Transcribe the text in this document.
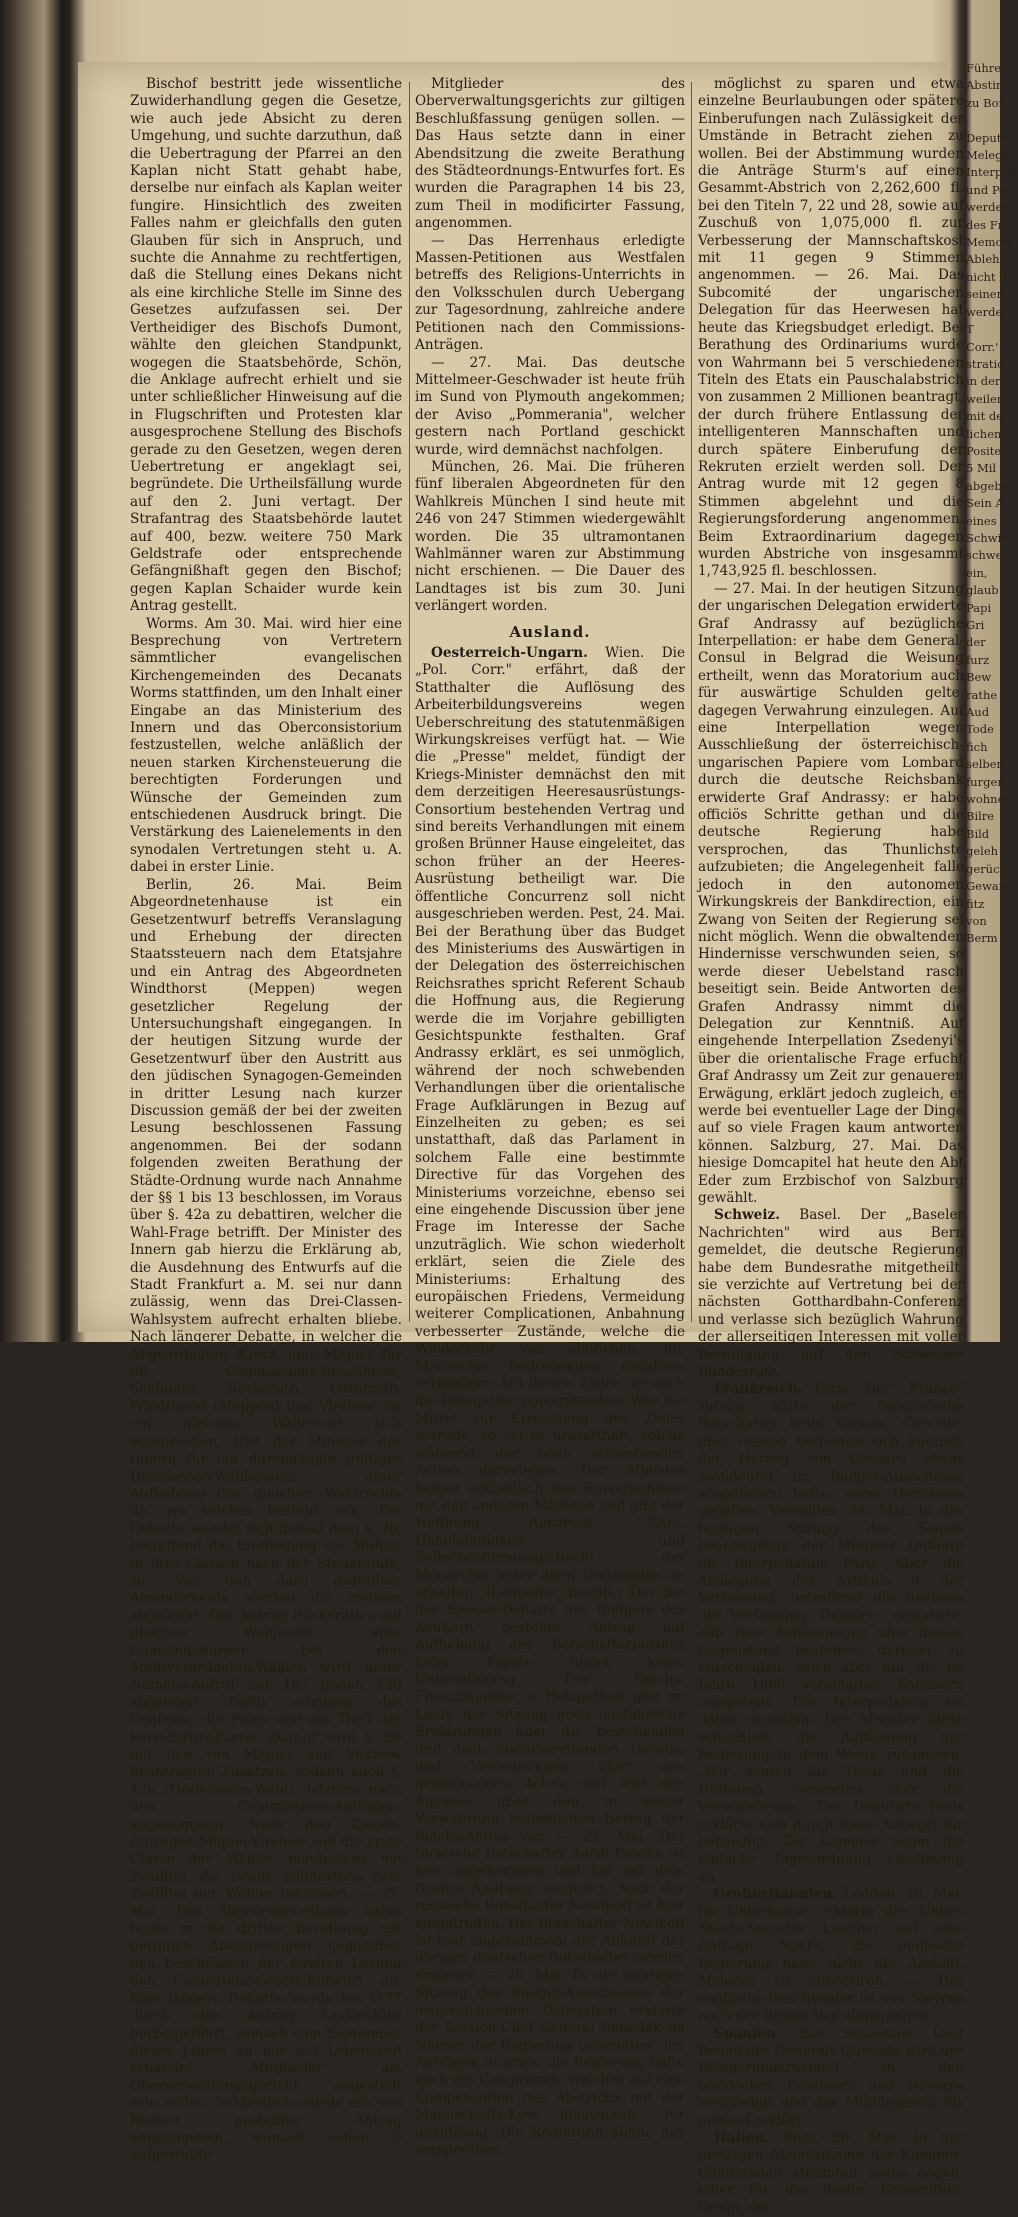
Bischof bestritt jede wissentliche Zuwiderhandlung gegen die Gesetze, wie auch jede Absicht zu deren Umgehung, und suchte darzuthun, daß die Uebertragung der Pfarrei an den Kaplan nicht Statt gehabt habe, derselbe nur einfach als Kaplan weiter fungire. Hinsichtlich des zweiten Falles nahm er gleichfalls den guten Glauben für sich in Anspruch, und suchte die Annahme zu rechtfertigen, daß die Stellung eines Dekans nicht als eine kirchliche Stelle im Sinne des Gesetzes aufzufassen sei. Der Vertheidiger des Bischofs Dumont, wählte den gleichen Standpunkt, wogegen die Staatsbehörde, Schön, die Anklage aufrecht erhielt und sie unter schließlicher Hinweisung auf die in Flugschriften und Protesten klar ausgesprochene Stellung des Bischofs gerade zu den Gesetzen, wegen deren Uebertretung er angeklagt sei, begründete. Die Urtheilsfällung wurde auf den 2. Juni vertagt. Der Strafantrag des Staatsbehörde lautet auf 400, bezw. weitere 750 Mark Geldstrafe oder entsprechende Gefängnißhaft gegen den Bischof; gegen Kaplan Schaider wurde kein Antrag gestellt.

Worms. Am 30. Mai. wird hier eine Besprechung von Vertretern sämmtlicher evangelischen Kirchengemeinden des Decanats Worms stattfinden, um den Inhalt einer Eingabe an das Ministerium des Innern und das Oberconsistorium festzustellen, welche anläßlich der neuen starken Kirchensteuerung die berechtigten Forderungen und Wünsche der Gemeinden zum entschiedenen Ausdruck bringt. Die Verstärkung des Laienelements in den synodalen Vertretungen steht u. A. dabei in erster Linie.

Berlin, 26. Mai. Beim Abgeordnetenhause ist ein Gesetzentwurf betreffs Veranslagung und Erhebung der directen Staatssteuern nach dem Etatsjahre und ein Antrag des Abgeordneten Windthorst (Meppen) wegen gesetzlicher Regelung der Untersuchungshaft eingegangen. In der heutigen Sitzung wurde der Gesetzentwurf über den Austritt aus den jüdischen Synagogen-Gemeinden in dritter Lesung nach kurzer Discussion gemäß der bei der zweiten Lesung beschlossenen Fassung angenommen. Bei der sodann folgenden zweiten Berathung der Städte-Ordnung wurde nach Annahme der §§ 1 bis 13 beschlossen, im Voraus über §. 42a zu debattiren, welcher die Wahl-Frage betrifft. Der Minister des Innern gab hierzu die Erklärung ab, die Ausdehnung des Entwurfs auf die Stadt Frankfurt a. M. sei nur dann zulässig, wenn das Drei-Classen-Wahlsystem aufrecht erhalten bliebe. Nach längerer Debatte, in welcher die Abgeordneten Kreck und Miquel für die Commissions-Beschlüsse, Schlueter, Röckerath, Osterrath, Windthorst (Meppen) und Virchow für ein gleiches Wahlrecht sich aussprechen, tritt der Minister des Innern für ein durchgängig gültiges Dreiclassen-Wahlsystem, unter Aufhebung des gleichen Wahlrechts da, wo solches besteht, ein. Die Debatte wendet sich darauf dem §. 26, betreffend die Eintheilung der Wähler in drei Classen nach der Steuerstufe, zu. Von den dazu gestellten Amendements werden die meisten abgelehnt. Der Antrag Röckerath's auf gleiches Wahlrecht aller Gemeindebürger bei den Stadtverordneten-Wahlen wird unter Namens-Aufruf mit 187 gegen 120 abgelehnt. Dafür stimmen das Centrum, die Polen und ein Theil der Fortschritts-Partei. Darauf wird §. 26 mit den von Miquel und Virchow beantragten Zusätzen, sodann auch §. 42a (Dreiclassen-Wahl), letztere nach den Commissions-Anträgen, angenommen. Nach den Zusatz-Anträgen Miquel-Virchow soll die erste Classe der Wähler mindestens ein Zwölftel, die zweite mindestens zwei Zwölftel der Wähler umfassen. — 27. Mai. Das Abgeordnetenhaus nahm heute in der dritten Berathung mit geringen Abänderungen gegenüber den Beschlüssen der zweiten Lesung den Competenz-Gesetz-Entwurf an. Eine längere Debatte wurde bei §177 durch den Antrag Lasker-Kloz herbeigeführt, wonach vom September dieses Jahres an nur auf Lebenszeit ernannte Mitglieder am Oberverwaltungsgericht angestellt sein sollen. Schließlich wurde ein von Rickert gestellter Antrag angenommen, wonach schon 5 aufgestellte

Mitglieder des Oberverwaltungsgerichts zur giltigen Beschlußfassung genügen sollen. — Das Haus setzte dann in einer Abendsitzung die zweite Berathung des Städteordnungs-Entwurfes fort. Es wurden die Paragraphen 14 bis 23, zum Theil in modificirter Fassung, angenommen.

— Das Herrenhaus erledigte Massen-Petitionen aus Westfalen betreffs des Religions-Unterrichts in den Volksschulen durch Uebergang zur Tagesordnung, zahlreiche andere Petitionen nach den Commissions-Anträgen.

— 27. Mai. Das deutsche Mittelmeer-Geschwader ist heute früh im Sund von Plymouth angekommen; der Aviso „Pommerania", welcher gestern nach Portland geschickt wurde, wird demnächst nachfolgen.

München, 26. Mai. Die früheren fünf liberalen Abgeordneten für den Wahlkreis München I sind heute mit 246 von 247 Stimmen wiedergewählt worden. Die 35 ultramontanen Wahlmänner waren zur Abstimmung nicht erschienen. — Die Dauer des Landtages ist bis zum 30. Juni verlängert worden.

Ausland.

Oesterreich-Ungarn. Wien. Die „Pol. Corr." erfährt, daß der Statthalter die Auflösung des Arbeiterbildungsvereins wegen Ueberschreitung des statutenmäßigen Wirkungskreises verfügt hat. — Wie die „Presse" meldet, fündigt der Kriegs-Minister demnächst den mit dem derzeitigen Heeresausrüstungs-Consortium bestehenden Vertrag und sind bereits Verhandlungen mit einem großen Brünner Hause eingeleitet, das schon früher an der Heeres-Ausrüstung betheiligt war. Die öffentliche Concurrenz soll nicht ausgeschrieben werden. Pest, 24. Mai. Bei der Berathung über das Budget des Ministeriums des Auswärtigen in der Delegation des österreichischen Reichsrathes spricht Referent Schaub die Hoffnung aus, die Regierung werde die im Vorjahre gebilligten Gesichtspunkte festhalten. Graf Andrassy erklärt, es sei unmöglich, während der noch schwebenden Verhandlungen über die orientalische Frage Aufklärungen in Bezug auf Einzelheiten zu geben; es sei unstatthaft, daß das Parlament in solchem Falle eine bestimmte Directive für das Vorgehen des Ministeriums vorzeichne, ebenso sei eine eingehende Discussion über jene Frage im Interesse der Sache unzuträglich. Wie schon wiederholt erklärt, seien die Ziele des Ministeriums: Erhaltung des europäischen Friedens, Vermeidung weiterer Complicationen, Anbahnung verbesserter Zustände, welche die Wiederkehr von ähnlichen, die Monarchie bedrohenden Gefahren verhindern. Mit diesen Zielen sei auch die Delegation einverstanden. Was die Mittel zur Erreichung des Zieles betreffe, so sei es unstatthaft, solche während der noch schwebenden Action darzulegen. Der Minister betont schließlich das Einvernehmen mit den anderen Mächten und gibt der Hoffnung Ausdruck, Ehre, Unabhängigkeit und Selbstbestimmungs-Recht der Monarchie unter allen Umständen zu erhalten. (Lebhafter Beifall.) Der bei der Special-Debatte des Budgets des Aeußern gestellte Antrag auf Aufhebung des Botschafterpostens beim Papste findet keine Unterstützung. Der Reichs-Finanzminister v. Holzgethan gibt im Laufe der Sitzung noch ausführliche Erklärungen über die bestehenden und noch vorzubereitenden Gesetze und Verordnungen über den gemeinsamen Activa und legt den Ausweis über den in seiner Verwahrung befindlichen Betrag der Reichs-Activa vor. — 24. Mai. Der türkische Botschafter Aarifi Pascha ist hier angekommen und hat mit dem Grafen Andrassy conferirt. Auch der russische Botschafter Nowikoff ist hier eingetroffen. Der Botschafter Nowikoff ist hier angekommen; der Ankunft der übrigen deutschen Botschafter werden erwartet. — 26. Mai. In der heutigen Sitzung des Budget-Ausschusses der österreichischen Delegation erklärte der Section-Chef General Benedek im Namen der Regierung gegenüber den Anträgen Sturm's: die Regierung halte auch ein Compromiß, welches auf eine Compensation des Abstrichs mit der Mannschafts-Kost hinauslaufe, für unzulässig. Die Regierung könne nur versprechen,

möglichst zu sparen und etwa einzelne Beurlaubungen oder spätere Einberufungen nach Zulässigkeit der Umstände in Betracht ziehen zu wollen. Bei der Abstimmung wurden die Anträge Sturm's auf einen Gesammt-Abstrich von 2,262,600 fl. bei den Titeln 7, 22 und 28, sowie auf Zuschuß von 1,075,000 fl. zur Verbesserung der Mannschaftskost mit 11 gegen 9 Stimmen angenommen. — 26. Mai. Das Subcomité der ungarischen Delegation für das Heerwesen hat heute das Kriegsbudget erledigt. Bei Berathung des Ordinariums wurde von Wahrmann bei 5 verschiedenen Titeln des Etats ein Pauschalabstrich von zusammen 2 Millionen beantragt, der durch frühere Entlassung der intelligenteren Mannschaften und durch spätere Einberufung der Rekruten erzielt werden soll. Der Antrag wurde mit 12 gegen 8 Stimmen abgelehnt und die Regierungsforderung angenommen. Beim Extraordinarium dagegen wurden Abstriche von insgesammt 1,743,925 fl. beschlossen.

— 27. Mai. In der heutigen Sitzung der ungarischen Delegation erwiderte Graf Andrassy auf bezügliche Interpellation: er habe dem General-Consul in Belgrad die Weisung ertheilt, wenn das Moratorium auch für auswärtige Schulden gelte, dagegen Verwahrung einzulegen. Auf eine Interpellation wegen Ausschließung der österreichisch-ungarischen Papiere vom Lombard durch die deutsche Reichsbank erwiderte Graf Andrassy: er habe officiös Schritte gethan und die deutsche Regierung habe versprochen, das Thunlichste aufzubieten; die Angelegenheit falle jedoch in den autonomen Wirkungskreis der Bankdirection, ein Zwang von Seiten der Regierung sei nicht möglich. Wenn die obwaltenden Hindernisse verschwunden seien, so werde dieser Uebelstand rasch beseitigt sein. Beide Antworten des Grafen Andrassy nimmt die Delegation zur Kenntniß. Auf eingehende Interpellation Zsedenyi's über die orientalische Frage erfucht Graf Andrassy um Zeit zur genaueren Erwägung, erklärt jedoch zugleich, er werde bei eventueller Lage der Dinge auf so viele Fragen kaum antworten können. Salzburg, 27. Mai. Das hiesige Domcapitel hat heute den Abt Eder zum Erzbischof von Salzburg gewählt.

Schweiz. Basel. Der „Baseler Nachrichten" wird aus Bern gemeldet, die deutsche Regierung habe dem Bundesrathe mitgetheilt, sie verzichte auf Vertretung bei der nächsten Gotthardbahn-Conferenz und verlasse sich bezüglich Wahrung der allerseitigen Interessen mit voller Beruhigung auf den Schweizer Bundesrath.

Frankreich. Paris. Der „France" zufolge hätte der französische Botschafter beim Vatican, Corcelle, über dessen Verhalten sich kürzlich der Herzog von Decazes etwas zweideutig im Budget-Ausschusse ausgelassen hatte, seine Demission gegeben. Versailles, 24. Mai. In der heutigen Sitzung des Senats beantwortete der Minister Dufaure die Interpellation Paris' über die Auslegung des Artikels 8 der Verfassung, betreffend die Revision der Verfassung. Dufaure constatirte, daß zwei Auffassungen über diesen Gegenstand bestehen; darüber zu entscheiden, seien aber nur die im Jahre 1880 vereinigten Kammern competent. Die Interpellation sei daher unnöthig. Der Minister faßte schließlich die Auffassung der Regierung in dem Worte zusammen: „Wir achten die Treue und die Hoffnung, verwerfen aber die Verschwörung." Der Deputirte Paris erklärte sich durch diese Antwort für befriedigt. Die Kammer nahm die einfache Tagesordnung einstimmig an.

Großbritannien. London, 26. Mai. Im Unterhause erklärte der Unter-Staats-Secretär Lowther auf eine Anfrage Noël's, die englische Regierung habe nicht die Absicht, Malacca zu annectiren. — Das englische Geschwader ist von Smyrna nach der Besika-Bay abgegangen.

Spanien. San Sebastian. Laut Befehl des Generals Quesada wird der Belagerungszustand in den baskischen Provinzen und Navarra verkündigt und das Militärgesetz für geltend erklärt.

Italien. Rom, 26. Mai. In der gestrigen Abendsitzung der Kammer-Commission stimmten sechs gegen, einer für die Basler Convention. Crispi, der

Führer
Abstimm
zu Bor

Deputir
Melegat
Interpel
und Pe
werden
des Fri
Memori
Ablehn
nicht b
seinen
werde,
T
Corr.'
stratio
in der
weilen
mit de
lichen
Posite
5 Mil
abgebe
Sein A
eines
Schwie
schwer
ein,
glaub
Papi
Gri
der
furz
Bew
rathe
Aud
Tode
fich
selben
furgen
wohne
Bilre
Bild
geleh
gerück
Gewan
fitz
von
Berm
